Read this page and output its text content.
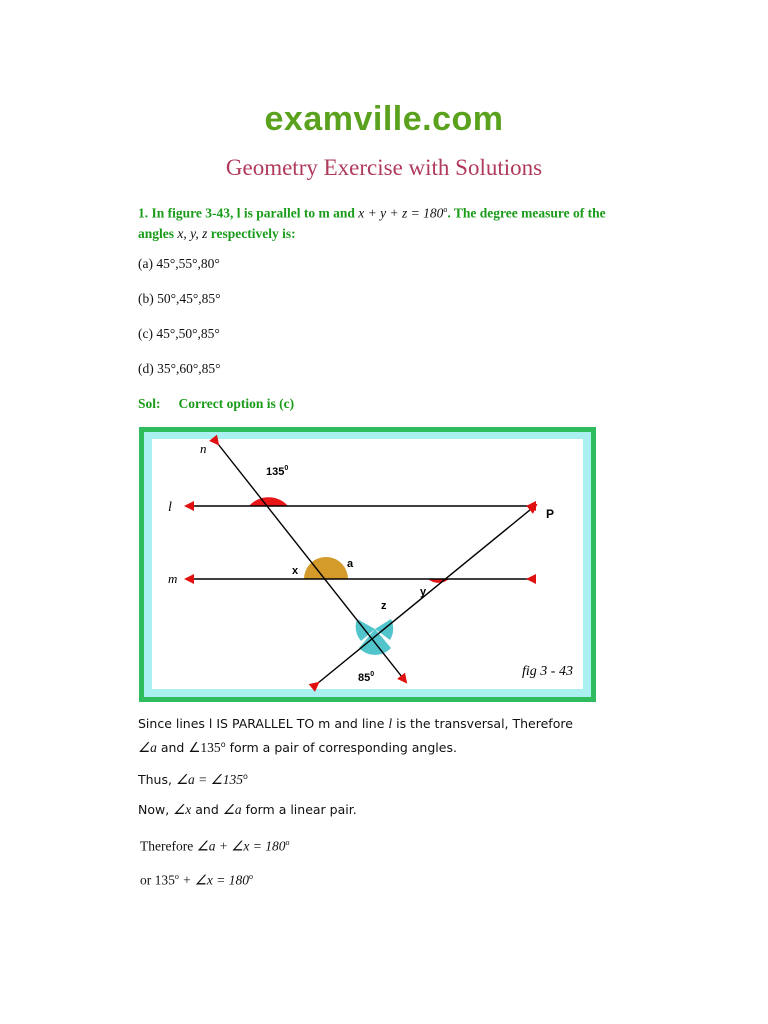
examville.com
Geometry Exercise with Solutions
1. In figure 3-43, l is parallel to m and $x + y + z = 180^o$. The degree measure of the angles x, y, z respectively is:
(a) 45°,55°,80°
(b) 50°,45°,85°
(c) 45°,50°,85°
(d) 35°,60°,85°
Sol: Correct option is (c)
n
l
m
P
$135^0$
a
x
y
z
$85^0$	fig 3 - 43
Since lines l IS PARALLEL TO m and line l is the transversal, Therefore
∠a and ∠135$^o$ form a pair of corresponding angles.
Thus, ∠a = $\angle 135^o$
Now, ∠x and ∠a form a linear pair.
Therefore ∠a + ∠x = $180^o$
or $135^o$ + ∠x = $180^o$
